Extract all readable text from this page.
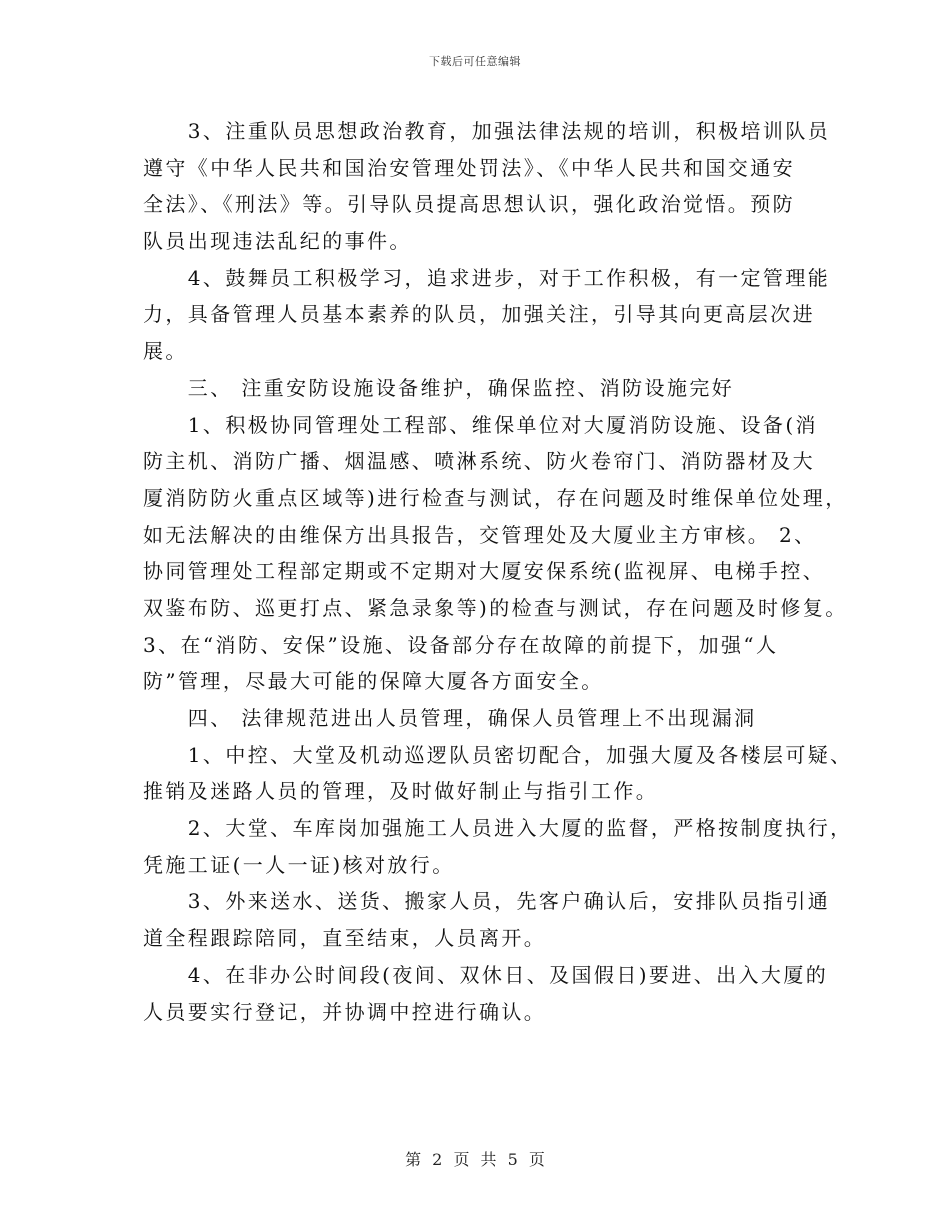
下载后可任意编辑
　　3、注重队员思想政治教育，加强法律法规的培训，积极培训队员
遵守《中华人民共和国治安管理处罚法》、《中华人民共和国交通安
全法》、《刑法》等。引导队员提高思想认识，强化政治觉悟。预防
队员出现违法乱纪的事件。
　　4、鼓舞员工积极学习，追求进步，对于工作积极，有一定管理能
力，具备管理人员基本素养的队员，加强关注，引导其向更高层次进
展。
　　三、 注重安防设施设备维护，确保监控、消防设施完好
　　1、积极协同管理处工程部、维保单位对大厦消防设施、设备(消
防主机、消防广播、烟温感、喷淋系统、防火卷帘门、消防器材及大
厦消防防火重点区域等)进行检查与测试，存在问题及时维保单位处理，
如无法解决的由维保方出具报告，交管理处及大厦业主方审核。 2、
协同管理处工程部定期或不定期对大厦安保系统(监视屏、电梯手控、
双鉴布防、巡更打点、紧急录象等)的检查与测试，存在问题及时修复。
3、在“消防、安保”设施、设备部分存在故障的前提下，加强“人
防”管理，尽最大可能的保障大厦各方面安全。
　　四、 法律规范进出人员管理，确保人员管理上不出现漏洞
　　1、中控、大堂及机动巡逻队员密切配合，加强大厦及各楼层可疑、
推销及迷路人员的管理，及时做好制止与指引工作。
　　2、大堂、车库岗加强施工人员进入大厦的监督，严格按制度执行，
凭施工证(一人一证)核对放行。
　　3、外来送水、送货、搬家人员，先客户确认后，安排队员指引通
道全程跟踪陪同，直至结束，人员离开。
　　4、在非办公时间段(夜间、双休日、及国假日)要进、出入大厦的
人员要实行登记，并协调中控进行确认。
第 2 页 共 5 页
